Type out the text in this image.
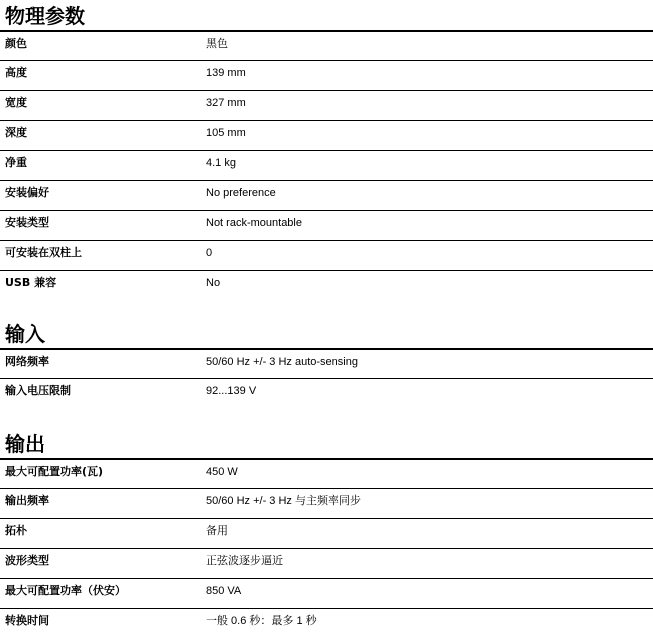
物理参数
颜色	黑色
高度	139 mm
宽度	327 mm
深度	105 mm
净重	4.1 kg
安装偏好	No preference
安装类型	Not rack-mountable
可安装在双柱上	0
USB 兼容	No
输入
网络频率	50/60 Hz +/- 3 Hz auto-sensing
输入电压限制	92...139 V
输出
最大可配置功率(瓦)	450 W
输出频率	50/60 Hz +/- 3 Hz 与主频率同步
拓朴	备用
波形类型	正弦波逐步逼近
最大可配置功率（伏安）	850 VA
转换时间	一般 0.6 秒：最多 1 秒
